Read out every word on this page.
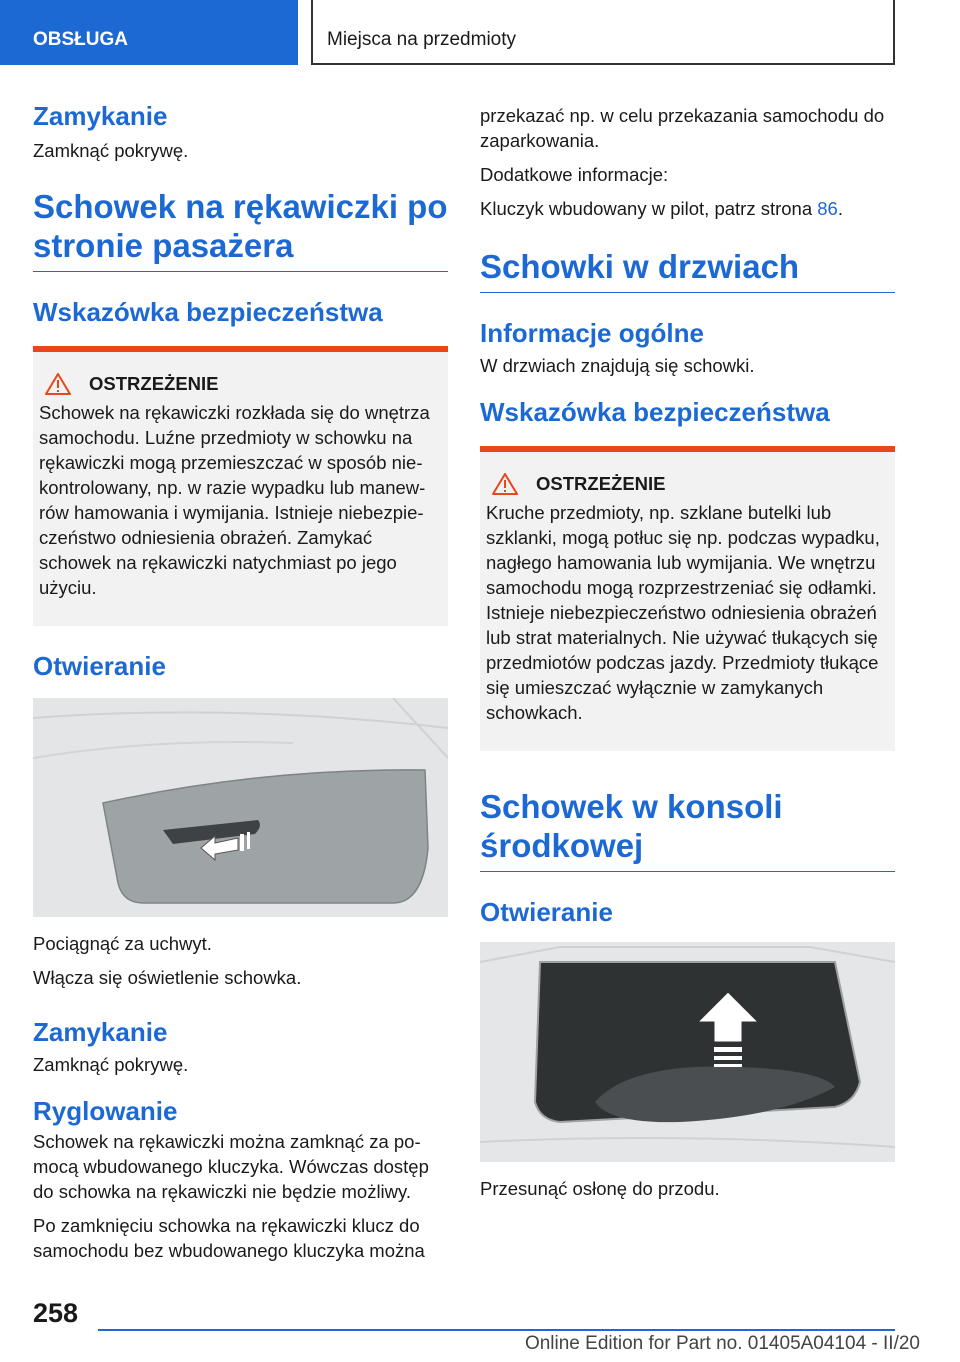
OBSŁUGA	Miejsca na przedmioty
Zamykanie

Zamknąć pokrywę.

Schowek na rękawiczki po stronie pasażera
Wskazówka bezpieczeństwa
OSTRZEŻENIE

Schowek na rękawiczki rozkłada się do wnętrza samochodu. Luźne przedmioty w schowku na rękawiczki mogą przemieszczać w sposób niekontrolowany, np. w razie wypadku lub manewrów hamowania i wymijania. Istnieje niebezpieczeństwo odniesienia obrażeń. Zamykać schowek na rękawiczki natychmiast po jego użyciu.

Otwieranie

Pociągnąć za uchwyt.

Włącza się oświetlenie schowka.

Zamykanie

Zamknąć pokrywę.

Ryglowanie

Schowek na rękawiczki można zamknąć za pomocą wbudowanego kluczyka. Wówczas dostęp do schowka na rękawiczki nie będzie możliwy.

Po zamknięciu schowka na rękawiczki klucz do samochodu bez wbudowanego kluczyka można

przekazać np. w celu przekazania samochodu do zaparkowania.

Dodatkowe informacje:

Kluczyk wbudowany w pilot, patrz strona 86.

Schowki w drzwiach
Informacje ogólne

W drzwiach znajdują się schowki.

Wskazówka bezpieczeństwa
OSTRZEŻENIE

Kruche przedmioty, np. szklane butelki lub szklanki, mogą potłuc się np. podczas wypadku, nagłego hamowania lub wymijania. We wnętrzu samochodu mogą rozprzestrzeniać się odłamki. Istnieje niebezpieczeństwo odniesienia obrażeń lub strat materialnych. Nie używać tłukących się przedmiotów podczas jazdy. Przedmioty tłukące się umieszczać wyłącznie w zamykanych schowkach.

Schowek w konsoli środkowej
Otwieranie

Przesunąć osłonę do przodu.

258
Online Edition for Part no. 01405A04104 - II/20
